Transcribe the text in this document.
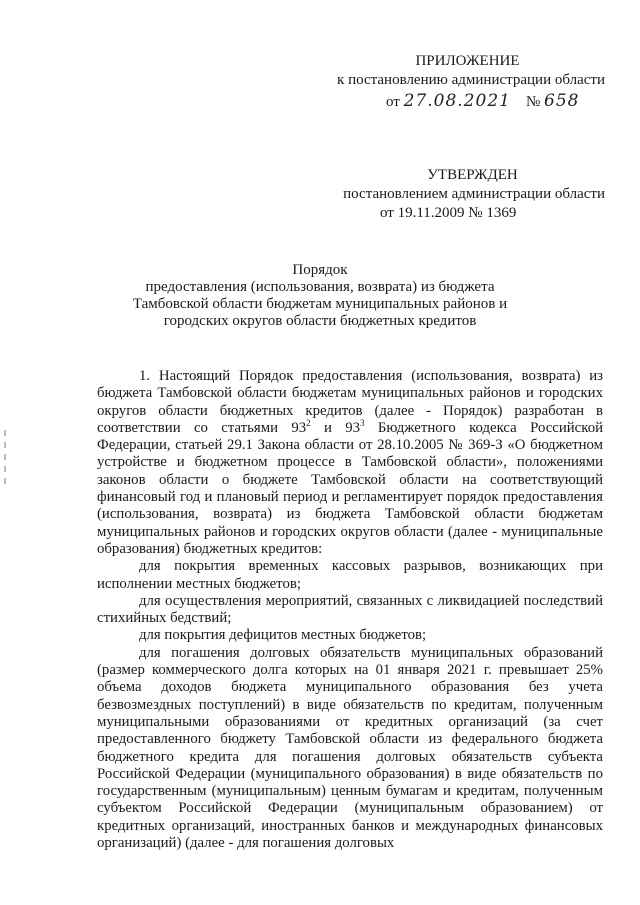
ПРИЛОЖЕНИЕ
к постановлению администрации области
от 27.08.2021 № 658
УТВЕРЖДЕН
постановлением администрации области
от 19.11.2009 № 1369
Порядок
предоставления (использования, возврата) из бюджета
Тамбовской области бюджетам муниципальных районов и
городских округов области бюджетных кредитов

1. Настоящий Порядок предоставления (использования, возврата) из бюджета Тамбовской области бюджетам муниципальных районов и городских округов области бюджетных кредитов (далее - Порядок) разработан в соответствии со статьями $93^2$ и $93^3$ Бюджетного кодекса Российской Федерации, статьей 29.1 Закона области от 28.10.2005 № 369-З «О бюджетном устройстве и бюджетном процессе в Тамбовской области», положениями законов области о бюджете Тамбовской области на соответствующий финансовый год и плановый период и регламентирует порядок предоставления (использования, возврата) из бюджета Тамбовской области бюджетам муниципальных районов и городских округов области (далее - муниципальные образования) бюджетных кредитов:

для покрытия временных кассовых разрывов, возникающих при исполнении местных бюджетов;

для осуществления мероприятий, связанных с ликвидацией последствий стихийных бедствий;

для покрытия дефицитов местных бюджетов;

для погашения долговых обязательств муниципальных образований (размер коммерческого долга которых на 01 января 2021 г. превышает 25% объема доходов бюджета муниципального образования без учета безвозмездных поступлений) в виде обязательств по кредитам, полученным муниципальными образованиями от кредитных организаций (за счет предоставленного бюджету Тамбовской области из федерального бюджета бюджетного кредита для погашения долговых обязательств субъекта Российской Федерации (муниципального образования) в виде обязательств по государственным (муниципальным) ценным бумагам и кредитам, полученным субъектом Российской Федерации (муниципальным образованием) от кредитных организаций, иностранных банков и международных финансовых организаций) (далее - для погашения долговых
